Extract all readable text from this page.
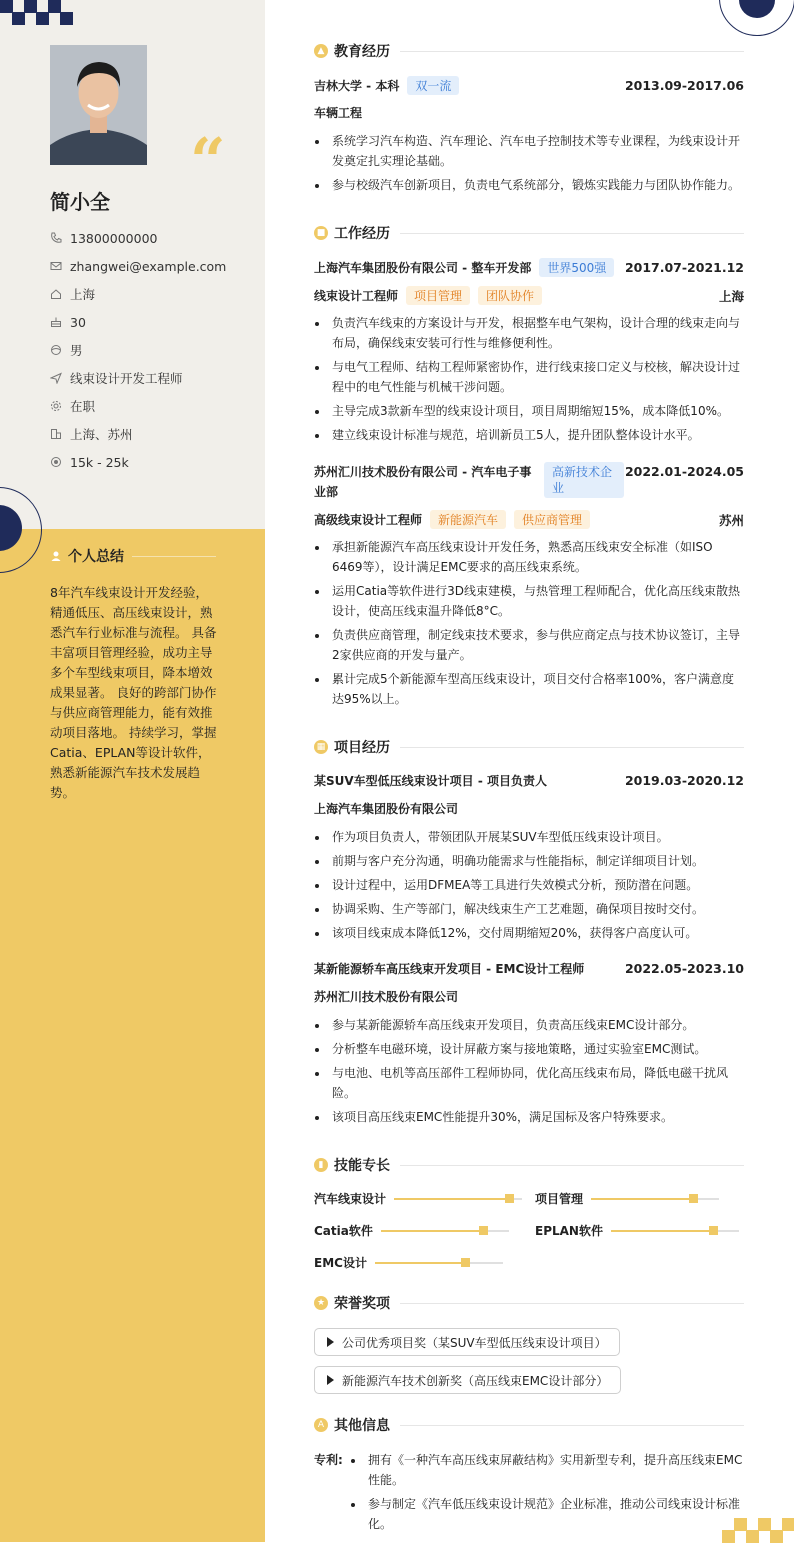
“
简小全
13800000000
zhangwei@example.com
上海
30
男
线束设计开发工程师
在职
上海、苏州
15k - 25k
个人总结

8年汽车线束设计开发经验，精通低压、高压线束设计，熟悉汽车行业标准与流程。 具备丰富项目管理经验，成功主导多个车型线束项目，降本增效成果显著。 良好的跨部门协作与供应商管理能力，能有效推动项目落地。 持续学习，掌握Catia、EPLAN等设计软件，熟悉新能源汽车技术发展趋势。

▲ 教育经历
吉林大学 - 本科	双一流	2013.09-2017.06
车辆工程
系统学习汽车构造、汽车理论、汽车电子控制技术等专业课程，为线束设计开发奠定扎实理论基础。
参与校级汽车创新项目，负责电气系统部分，锻炼实践能力与团队协作能力。
■ 工作经历
上海汽车集团股份有限公司 - 整车开发部	世界500强	2017.07-2021.12
线束设计工程师	项目管理	团队协作	上海
负责汽车线束的方案设计与开发，根据整车电气架构，设计合理的线束走向与布局，确保线束安装可行性与维修便利性。
与电气工程师、结构工程师紧密协作，进行线束接口定义与校核，解决设计过程中的电气性能与机械干涉问题。
主导完成3款新车型的线束设计项目，项目周期缩短15%，成本降低10%。
建立线束设计标准与规范，培训新员工5人，提升团队整体设计水平。
苏州汇川技术股份有限公司 - 汽车电子事业部
高新技术企业
2022.01-2024.05
高级线束设计工程师	新能源汽车	供应商管理	苏州
承担新能源汽车高压线束设计开发任务，熟悉高压线束安全标准（如ISO 6469等），设计满足EMC要求的高压线束系统。
运用Catia等软件进行3D线束建模，与热管理工程师配合，优化高压线束散热设计，使高压线束温升降低8°C。
负责供应商管理，制定线束技术要求，参与供应商定点与技术协议签订，主导2家供应商的开发与量产。
累计完成5个新能源车型高压线束设计，项目交付合格率100%，客户满意度达95%以上。
▦ 项目经历
某SUV车型低压线束设计项目 - 项目负责人	2019.03-2020.12
上海汽车集团股份有限公司
作为项目负责人，带领团队开展某SUV车型低压线束设计项目。
前期与客户充分沟通，明确功能需求与性能指标，制定详细项目计划。
设计过程中，运用DFMEA等工具进行失效模式分析，预防潜在问题。
协调采购、生产等部门，解决线束生产工艺难题，确保项目按时交付。
该项目线束成本降低12%，交付周期缩短20%，获得客户高度认可。
某新能源轿车高压线束开发项目 - EMC设计工程师	2022.05-2023.10
苏州汇川技术股份有限公司
参与某新能源轿车高压线束开发项目，负责高压线束EMC设计部分。
分析整车电磁环境，设计屏蔽方案与接地策略，通过实验室EMC测试。
与电池、电机等高压部件工程师协同，优化高压线束布局，降低电磁干扰风险。
该项目高压线束EMC性能提升30%，满足国标及客户特殊要求。
▮ 技能专长
汽车线束设计	项目管理
Catia软件	EPLAN软件
EMC设计
★ 荣誉奖项
公司优秀项目奖（某SUV车型低压线束设计项目）
新能源汽车技术创新奖（高压线束EMC设计部分）
A 其他信息
专利:	拥有《一种汽车高压线束屏蔽结构》实用新型专利，提升高压线束EMC性能。
参与制定《汽车低压线束设计规范》企业标准，推动公司线束设计标准化。
